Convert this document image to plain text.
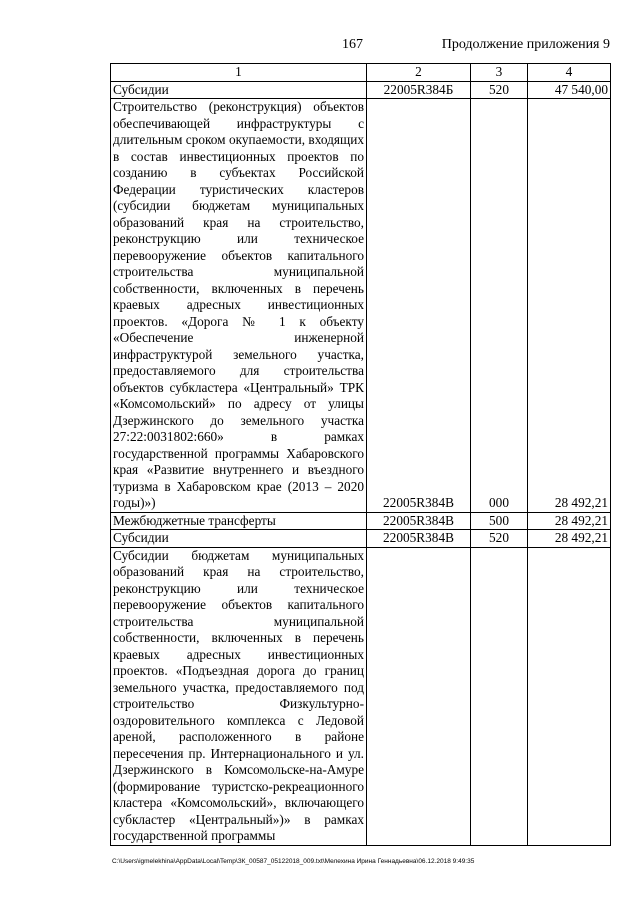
167	Продолжение приложения 9
1	2	3	4
Субсидии	22005R384Б	520	47 540,00
Строительство (реконструкция) объектов обеспечивающей инфраструктуры с длительным сроком окупаемости, входящих в состав инвестиционных проектов по созданию в субъектах Российской Федерации туристических кластеров (субсидии бюджетам муниципальных образований края на строительство, реконструкцию или техническое перевооружение объектов капитального строительства муниципальной собственности, включенных в перечень краевых адресных инвестиционных проектов. «Дорога № 1 к объекту «Обеспечение инженерной инфраструктурой земельного участка, предоставляемого для строительства объектов субкластера «Центральный» ТРК «Комсомольский» по адресу от улицы Дзержинского до земельного участка 27:22:0031802:660» в рамках государственной программы Хабаровского края «Развитие внутреннего и въездного туризма в Хабаровском крае (2013 – 2020 годы)»)	22005R384В	000	28 492,21
Межбюджетные трансферты	22005R384В	500	28 492,21
Субсидии	22005R384В	520	28 492,21
Субсидии бюджетам муниципальных образований края на строительство, реконструкцию или техническое перевооружение объектов капитального строительства муниципальной собственности, включенных в перечень краевых адресных инвестиционных проектов. «Подъездная дорога до границ земельного участка, предоставляемого под строительство Физкультурно-оздоровительного комплекса с Ледовой ареной, расположенного в районе пересечения пр. Интернационального и ул. Дзержинского в Комсомольске-на-Амуре (формирование туристско-рекреационного кластера «Комсомольский», включающего субкластер «Центральный»)» в рамках государственной программы			
C:\Users\igmelekhina\AppData\Local\Temp\ЗК_00587_05122018_009.txt\Мелехина Ирина Геннадьевна\06.12.2018 9:49:35
